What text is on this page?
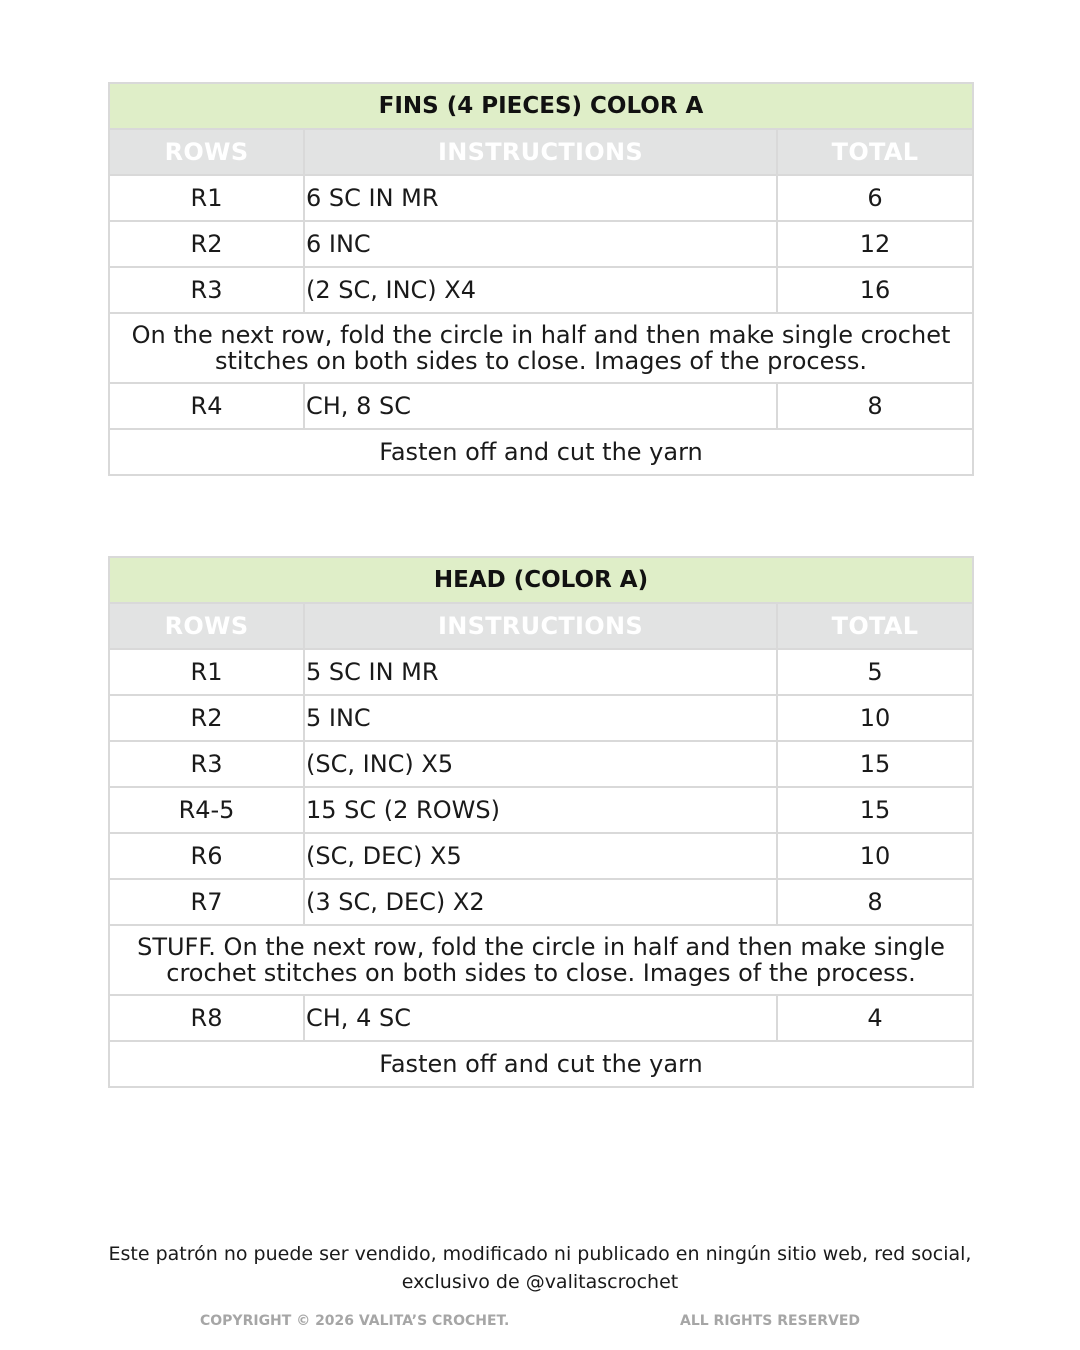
FINS (4 PIECES) COLOR A		
ROWS	INSTRUCTIONS	TOTAL
R1	6 SC IN MR	6
R2	6 INC	12
R3	(2 SC, INC) X4	16
On the next row, fold the circle in half and then make single crochet stitches on both sides to close. Images of the process.		
R4	CH, 8 SC	8
Fasten off and cut the yarn		
HEAD (COLOR A)		
ROWS	INSTRUCTIONS	TOTAL
R1	5 SC IN MR	5
R2	5 INC	10
R3	(SC, INC) X5	15
R4-5	15 SC (2 ROWS)	15
R6	(SC, DEC) X5	10
R7	(3 SC, DEC) X2	8
STUFF. On the next row, fold the circle in half and then make single crochet stitches on both sides to close. Images of the process.		
R8	CH, 4 SC	4
Fasten off and cut the yarn		
Este patrón no puede ser vendido, modificado ni publicado en ningún sitio web, red social,
exclusivo de @valitascrochet
COPYRIGHT © 2026 VALITA’S CROCHET.	ALL RIGHTS RESERVED
